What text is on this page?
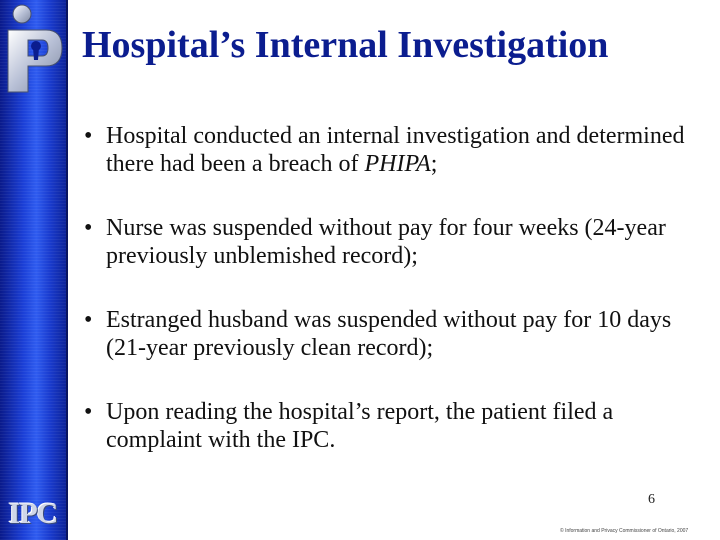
IPC
Hospital’s Internal Investigation
• Hospital conducted an internal investigation and determined there had been a breach of PHIPA;
• Nurse was suspended without pay for four weeks (24-year previously unblemished record);
• Estranged husband was suspended without pay for 10 days (21-year previously clean record);
• Upon reading the hospital’s report, the patient filed a complaint with the IPC.
6
© Information and Privacy Commissioner of Ontario, 2007
